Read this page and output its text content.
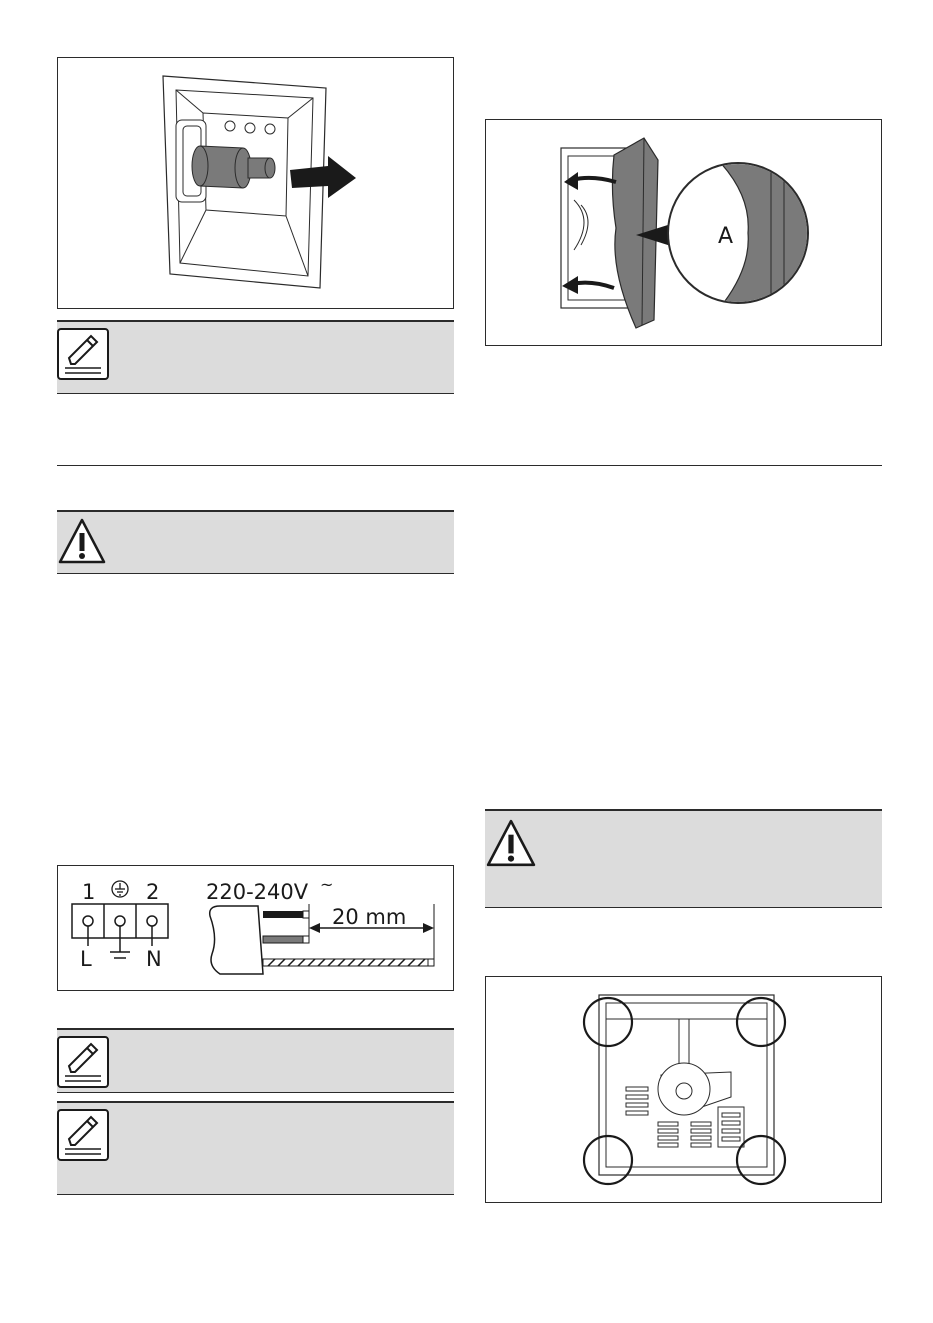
A
1 2
L	N
220-240V ~
20 mm
